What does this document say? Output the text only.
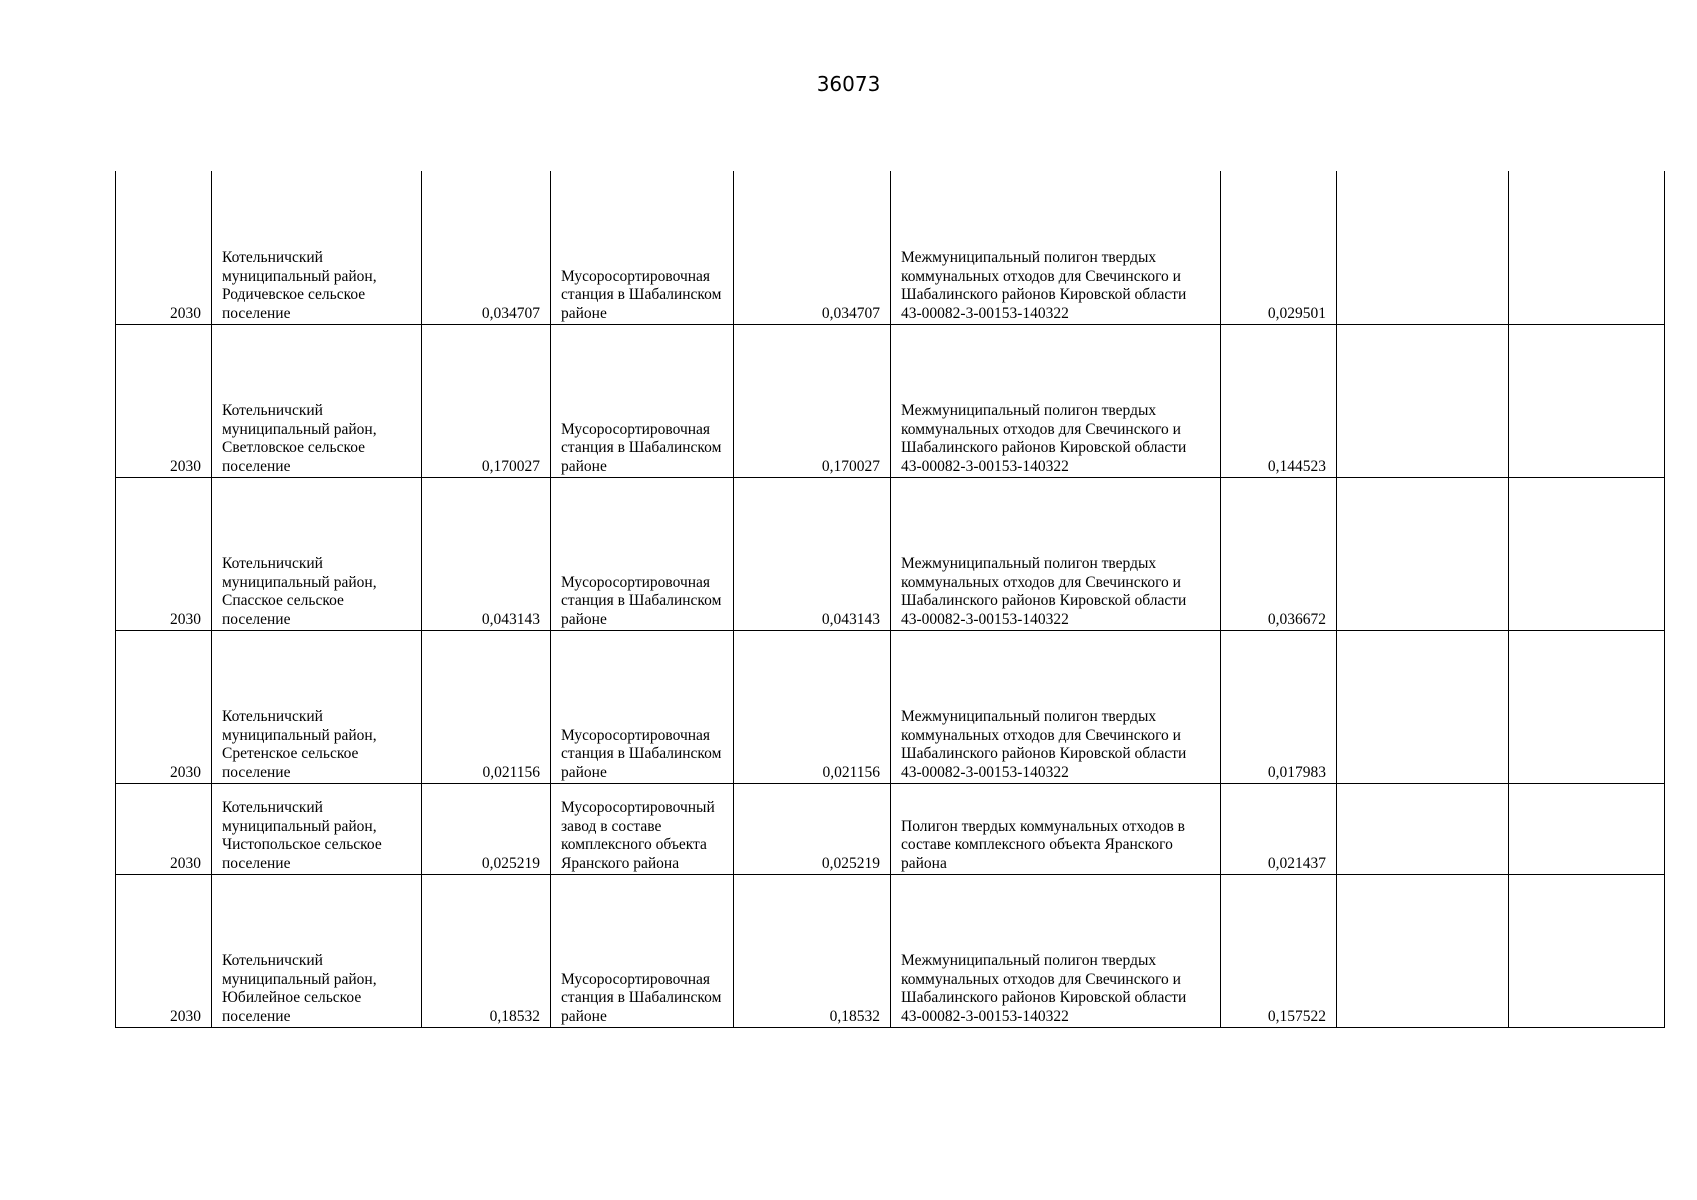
36073
2030	Котельничский муниципальный район, Родичевское сельское поселение	0,034707	Мусоросортировочная станция в Шабалинском районе	0,034707	Межмуниципальный полигон твердых коммунальных отходов для Свечинского и Шабалинского районов Кировской области 43-00082-3-00153-140322	0,029501		
2030	Котельничский муниципальный район, Светловское сельское поселение	0,170027	Мусоросортировочная станция в Шабалинском районе	0,170027	Межмуниципальный полигон твердых коммунальных отходов для Свечинского и Шабалинского районов Кировской области 43-00082-3-00153-140322	0,144523		
2030	Котельничский муниципальный район, Спасское сельское поселение	0,043143	Мусоросортировочная станция в Шабалинском районе	0,043143	Межмуниципальный полигон твердых коммунальных отходов для Свечинского и Шабалинского районов Кировской области 43-00082-3-00153-140322	0,036672		
2030	Котельничский муниципальный район, Сретенское сельское поселение	0,021156	Мусоросортировочная станция в Шабалинском районе	0,021156	Межмуниципальный полигон твердых коммунальных отходов для Свечинского и Шабалинского районов Кировской области 43-00082-3-00153-140322	0,017983		
2030	Котельничский муниципальный район, Чистопольское сельское поселение	0,025219	Мусоросортировочный завод в составе комплексного объекта Яранского района	0,025219	Полигон твердых коммунальных отходов в составе комплексного объекта Яранского района	0,021437		
2030	Котельничский муниципальный район, Юбилейное сельское поселение	0,18532	Мусоросортировочная станция в Шабалинском районе	0,18532	Межмуниципальный полигон твердых коммунальных отходов для Свечинского и Шабалинского районов Кировской области 43-00082-3-00153-140322	0,157522		
